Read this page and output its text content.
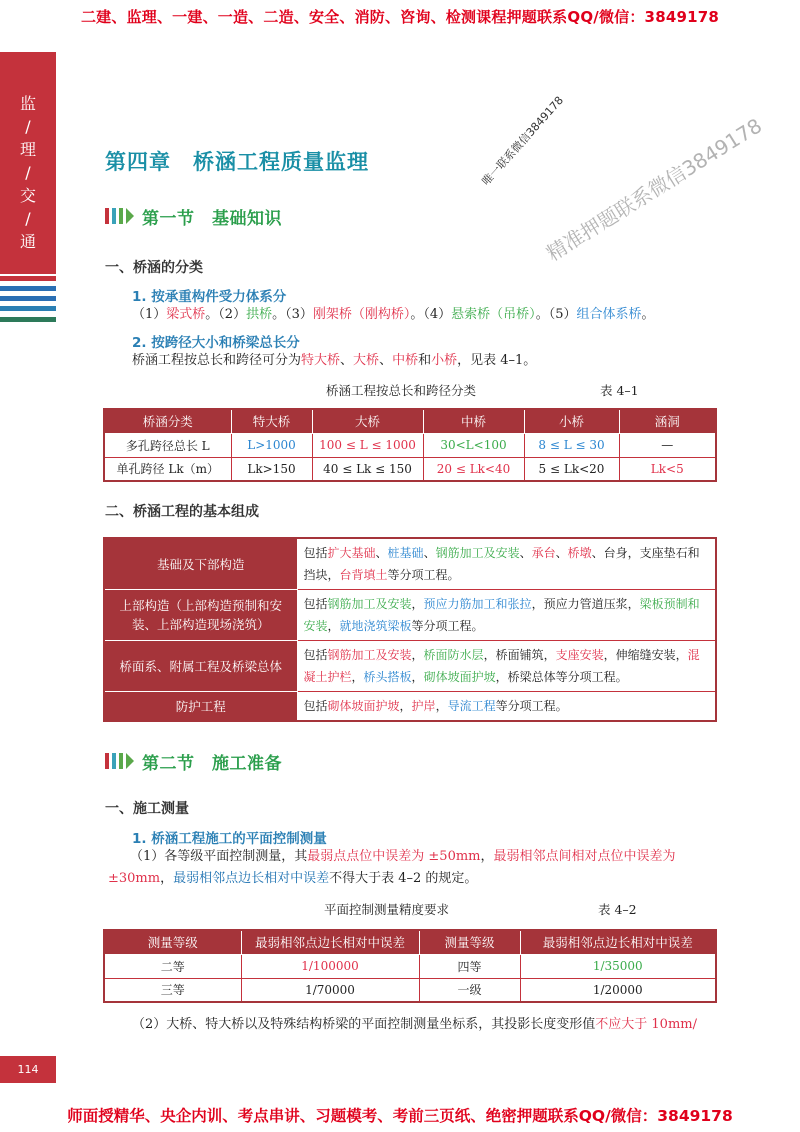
二建、监理、一建、一造、二造、安全、消防、咨询、检测课程押题联系QQ/微信：3849178
监
/
理
/
交
/
通
第四章　桥涵工程质量监理	唯一联系微信3849178
精准押题联系微信3849178
第一节　基础知识
一、桥涵的分类
1. 按承重构件受力体系分
（1）梁式桥。（2）拱桥。（3）刚架桥（刚构桥）。（4）悬索桥（吊桥）。（5）组合体系桥。
2. 按跨径大小和桥梁总长分
桥涵工程按总长和跨径可分为特大桥、大桥、中桥和小桥，见表 4–1。
桥涵工程按总长和跨径分类	表 4–1
桥涵分类	特大桥	大桥	中桥	小桥	涵洞
多孔跨径总长 L	L>1000	100 ≤ L ≤ 1000	30<L<100	8 ≤ L ≤ 30	—
单孔跨径 Lk（m）	Lk>150	40 ≤ Lk ≤ 150	20 ≤ Lk<40	5 ≤ Lk<20	Lk<5
二、桥涵工程的基本组成
基础及下部构造	包括扩大基础、桩基础、钢筋加工及安装、承台、桥墩、台身，支座垫石和挡块，台背填土等分项工程。
上部构造（上部构造预制和安装、上部构造现场浇筑）	包括钢筋加工及安装，预应力筋加工和张拉，预应力管道压浆，梁板预制和安装，就地浇筑梁板等分项工程。
桥面系、附属工程及桥梁总体	包括钢筋加工及安装，桥面防水层，桥面铺筑，支座安装，伸缩缝安装，混凝土护栏，桥头搭板，砌体坡面护坡，桥梁总体等分项工程。
防护工程	包括砌体坡面护坡，护岸，导流工程等分项工程。
第二节　施工准备
一、施工测量
1. 桥涵工程施工的平面控制测量
（1）各等级平面控制测量，其最弱点点位中误差为 ±50mm，最弱相邻点间相对点位中误差为±30mm，最弱相邻点边长相对中误差不得大于表 4–2 的规定。
平面控制测量精度要求	表 4–2
测量等级	最弱相邻点边长相对中误差	测量等级	最弱相邻点边长相对中误差
二等	1/100000	四等	1/35000
三等	1/70000	一级	1/20000
（2）大桥、特大桥以及特殊结构桥梁的平面控制测量坐标系，其投影长度变形值不应大于 10mm/
114
师面授精华、央企内训、考点串讲、习题模考、考前三页纸、绝密押题联系QQ/微信：3849178
